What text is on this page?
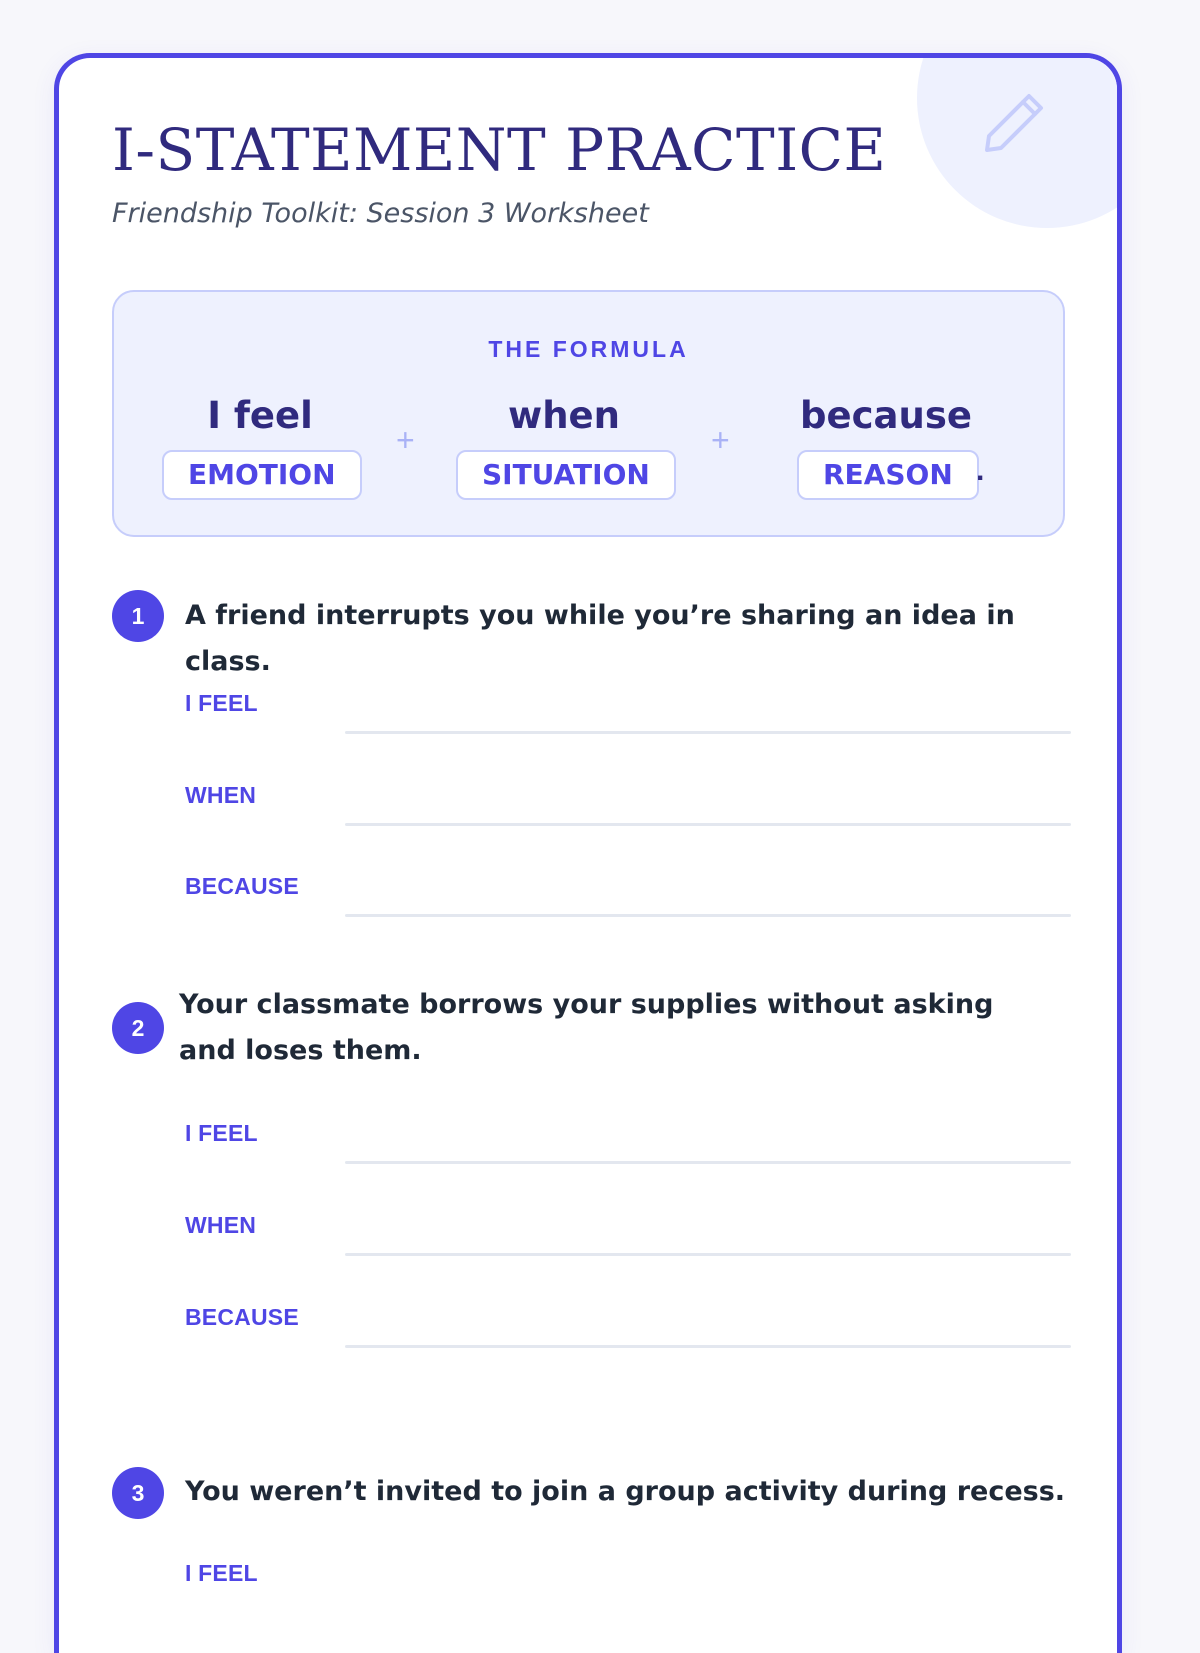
I-STATEMENT PRACTICE
Friendship Toolkit: Session 3 Worksheet
THE FORMULA
I feel
EMOTION
+
when
SITUATION
+
because
REASON .
1	A friend interrupts you while you’re sharing an idea in class.
I FEEL
WHEN
BECAUSE
2
Your classmate borrows your supplies without asking and loses them.
I FEEL
WHEN
BECAUSE
3	You weren’t invited to join a group activity during recess.
I FEEL
